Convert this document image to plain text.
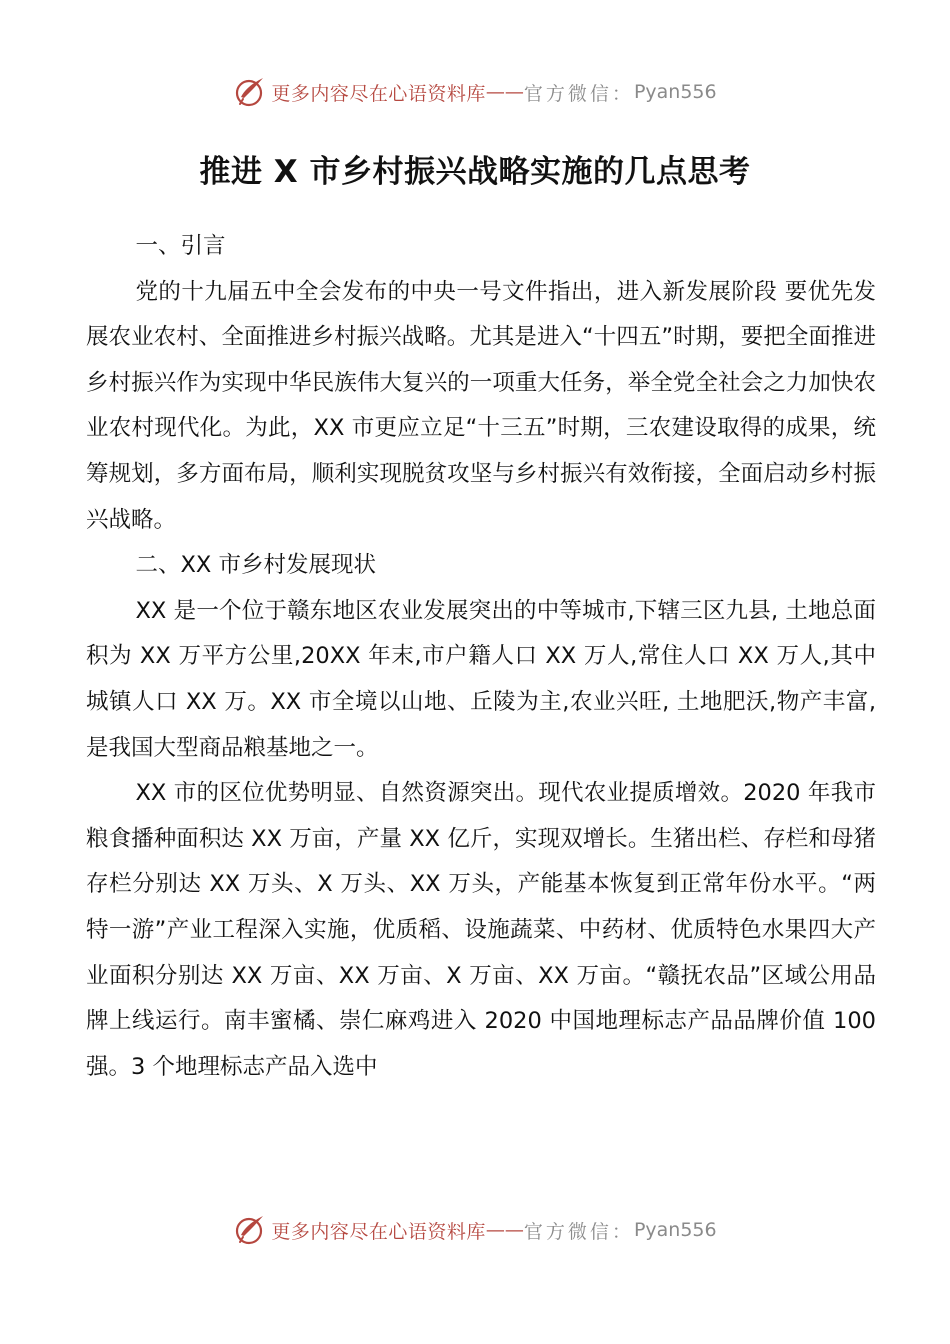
更多内容尽在心语资料库 —— 官方微信： Pyan556
推进 X 市乡村振兴战略实施的几点思考

一、引言

党的十九届五中全会发布的中央一号文件指出，进入新发展阶段 要优先发展农业农村、全面推进乡村振兴战略。尤其是进入“十四五”时期，要把全面推进乡村振兴作为实现中华民族伟大复兴的一项重大任务，举全党全社会之力加快农业农村现代化。为此，XX 市更应立足“十三五”时期，三农建设取得的成果，统筹规划，多方面布局，顺利实现脱贫攻坚与乡村振兴有效衔接，全面启动乡村振兴战略。

二、XX 市乡村发展现状

XX 是一个位于赣东地区农业发展突出的中等城市,下辖三区九县, 土地总面积为 XX 万平方公里,20XX 年末,市户籍人口 XX 万人,常住人口 XX 万人,其中城镇人口 XX 万。XX 市全境以山地、丘陵为主,农业兴旺, 土地肥沃,物产丰富,是我国大型商品粮基地之一。

XX 市的区位优势明显、自然资源突出。现代农业提质增效。2020 年我市粮食播种面积达 XX 万亩，产量 XX 亿斤，实现双增长。生猪出栏、存栏和母猪存栏分别达 XX 万头、X 万头、XX 万头，产能基本恢复到正常年份水平。“两特一游”产业工程深入实施，优质稻、设施蔬菜、中药材、优质特色水果四大产业面积分别达 XX 万亩、XX 万亩、X 万亩、XX 万亩。“赣抚农品”区域公用品牌上线运行。南丰蜜橘、崇仁麻鸡进入 2020 中国地理标志产品品牌价值 100 强。3 个地理标志产品入选中

更多内容尽在心语资料库 —— 官方微信： Pyan556
